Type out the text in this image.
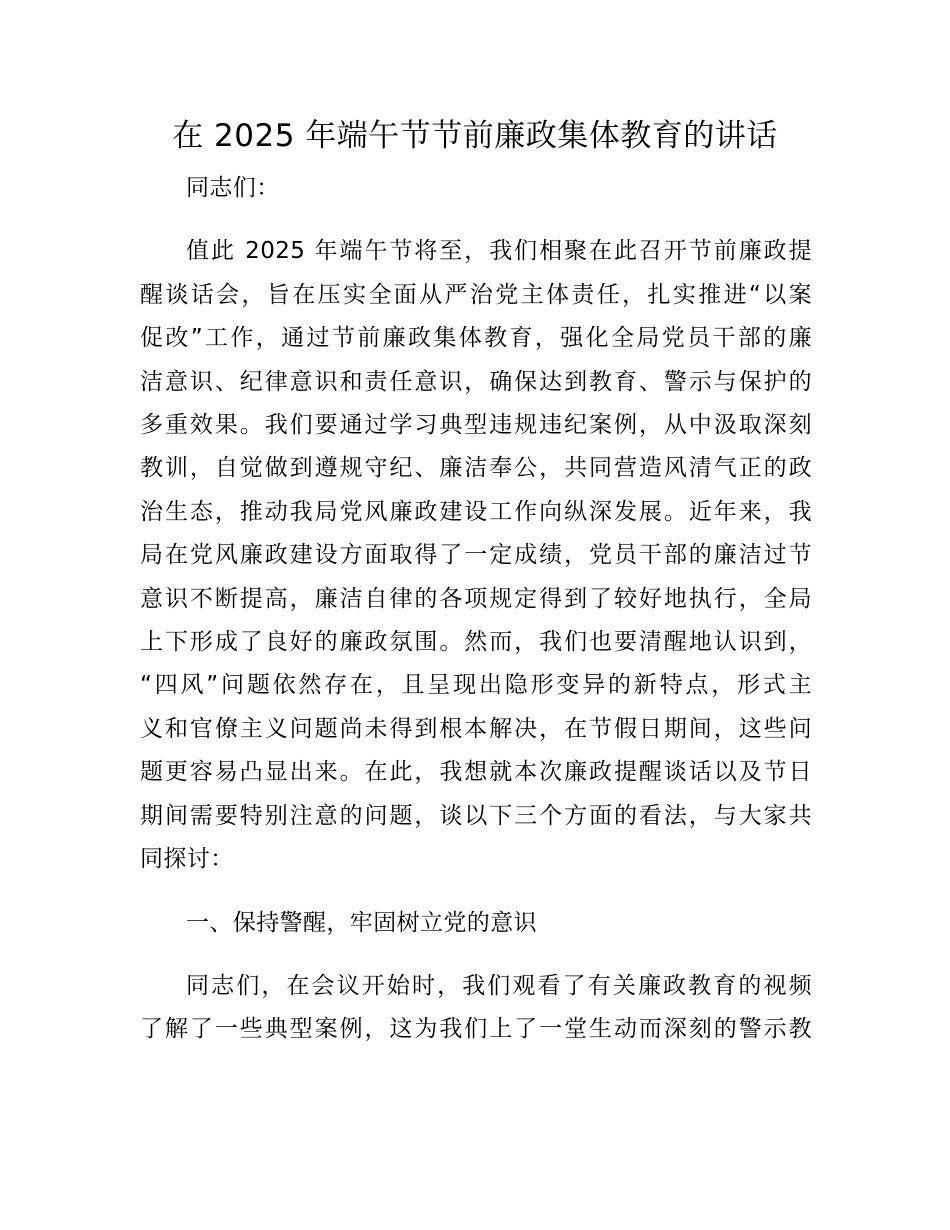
在 2025 年端午节节前廉政集体教育的讲话

同志们：

值此 2025 年端午节将至，我们相聚在此召开节前廉政提
醒谈话会，旨在压实全面从严治党主体责任，扎实推进“以案
促改”工作，通过节前廉政集体教育，强化全局党员干部的廉
洁意识、纪律意识和责任意识，确保达到教育、警示与保护的
多重效果。我们要通过学习典型违规违纪案例，从中汲取深刻
教训，自觉做到遵规守纪、廉洁奉公，共同营造风清气正的政
治生态，推动我局党风廉政建设工作向纵深发展。近年来，我
局在党风廉政建设方面取得了一定成绩，党员干部的廉洁过节
意识不断提高，廉洁自律的各项规定得到了较好地执行，全局
上下形成了良好的廉政氛围。然而，我们也要清醒地认识到，
“四风”问题依然存在，且呈现出隐形变异的新特点，形式主
义和官僚主义问题尚未得到根本解决，在节假日期间，这些问
题更容易凸显出来。在此，我想就本次廉政提醒谈话以及节日
期间需要特别注意的问题，谈以下三个方面的看法，与大家共
同探讨：

一、保持警醒，牢固树立党的意识

同志们，在会议开始时，我们观看了有关廉政教育的视频
了解了一些典型案例，这为我们上了一堂生动而深刻的警示教
